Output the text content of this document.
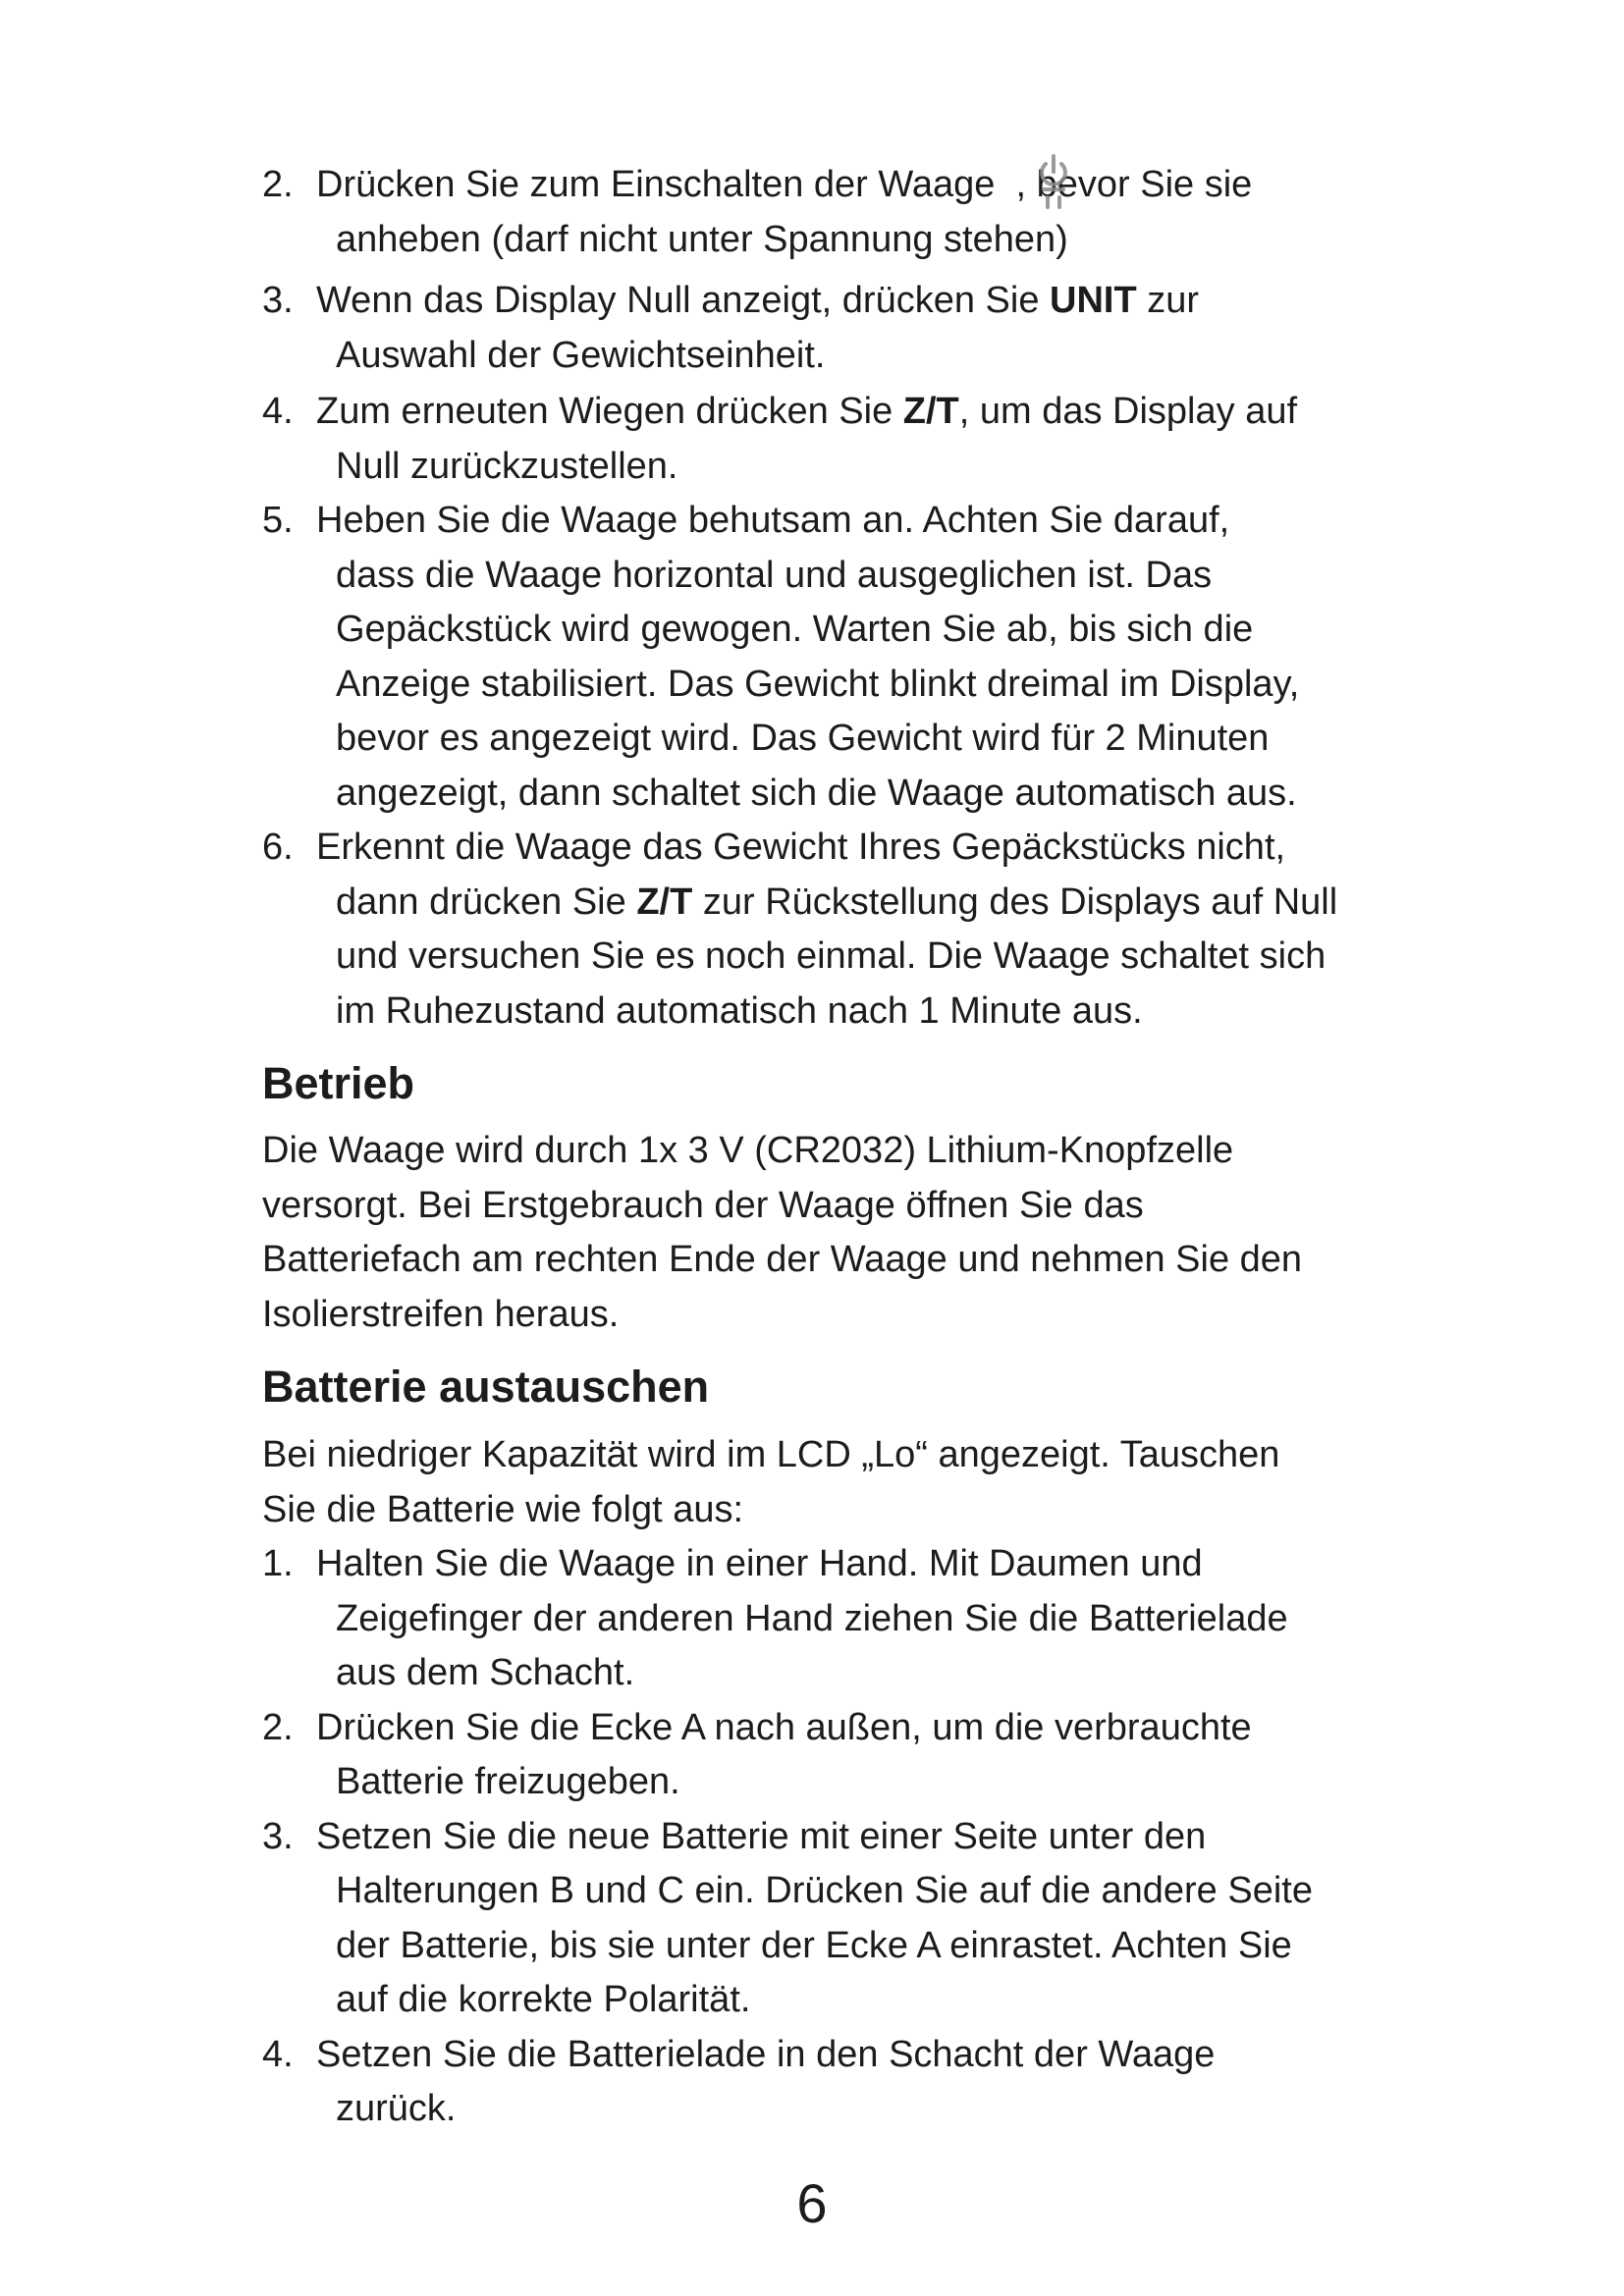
2. Drücken Sie zum Einschalten der Waage  ,
bevor Sie sie
anheben (darf nicht unter Spannung stehen)
3. Wenn das Display Null anzeigt, drücken Sie UNIT zur
Auswahl der Gewichtseinheit.
4. Zum erneuten Wiegen drücken Sie Z/T, um das Display auf
Null zurückzustellen.
5. Heben Sie die Waage behutsam an. Achten Sie darauf,
dass die Waage horizontal und ausgeglichen ist. Das
Gepäckstück wird gewogen. Warten Sie ab, bis sich die
Anzeige stabilisiert. Das Gewicht blinkt dreimal im Display,
bevor es angezeigt wird. Das Gewicht wird für 2 Minuten
angezeigt, dann schaltet sich die Waage automatisch aus.
6. Erkennt die Waage das Gewicht Ihres Gepäckstücks nicht,
dann drücken Sie Z/T zur Rückstellung des Displays auf Null
und versuchen Sie es noch einmal. Die Waage schaltet sich
im Ruhezustand automatisch nach 1 Minute aus.
Betrieb
Die Waage wird durch 1x 3 V (CR2032) Lithium-Knopfzelle
versorgt. Bei Erstgebrauch der Waage öffnen Sie das
Batteriefach am rechten Ende der Waage und nehmen Sie den
Isolierstreifen heraus.
Batterie austauschen
Bei niedriger Kapazität wird im LCD „Lo“ angezeigt. Tauschen
Sie die Batterie wie folgt aus:
1. Halten Sie die Waage in einer Hand. Mit Daumen und
Zeigefinger der anderen Hand ziehen Sie die Batterielade
aus dem Schacht.
2. Drücken Sie die Ecke A nach außen, um die verbrauchte
Batterie freizugeben.
3. Setzen Sie die neue Batterie mit einer Seite unter den
Halterungen B und C ein. Drücken Sie auf die andere Seite
der Batterie, bis sie unter der Ecke A einrastet. Achten Sie
auf die korrekte Polarität.
4. Setzen Sie die Batterielade in den Schacht der Waage
zurück.
6
